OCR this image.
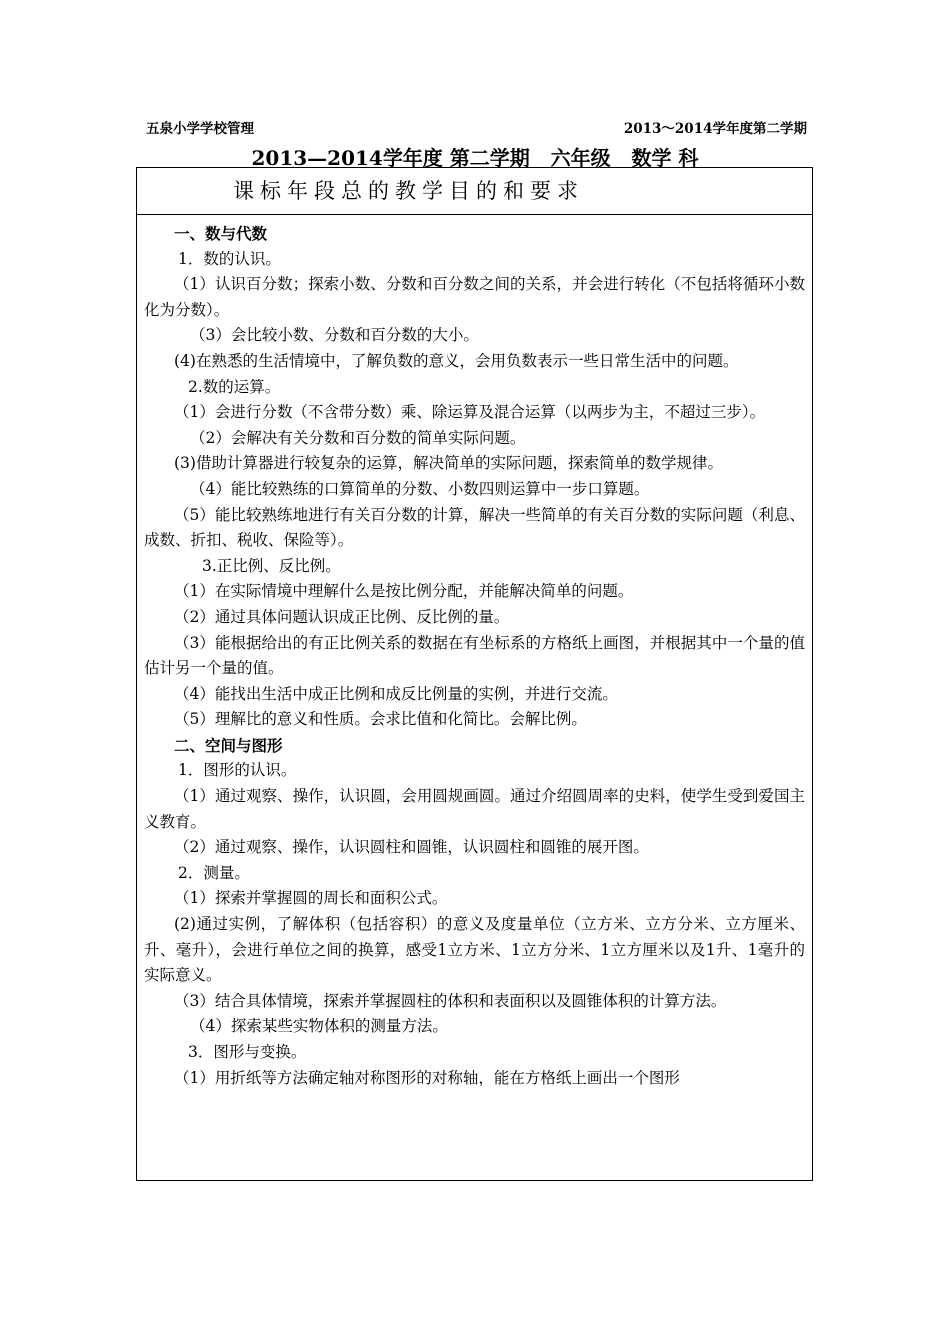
五泉小学学校管理	2013～2014学年度第二学期
2013—2014学年度 第二学期   六年级   数学 科
课标年段总的教学目的和要求

一、数与代数

1．数的认识。

（1）认识百分数；探索小数、分数和百分数之间的关系，并会进行转化（不包括将循环小数化为分数）。

（3）会比较小数、分数和百分数的大小。

(4)在熟悉的生活情境中，了解负数的意义，会用负数表示一些日常生活中的问题。

2.数的运算。

（1）会进行分数（不含带分数）乘、除运算及混合运算（以两步为主，不超过三步）。

（2）会解决有关分数和百分数的简单实际问题。

(3)借助计算器进行较复杂的运算，解决简单的实际问题，探索简单的数学规律。

（4）能比较熟练的口算简单的分数、小数四则运算中一步口算题。

（5）能比较熟练地进行有关百分数的计算，解决一些简单的有关百分数的实际问题（利息、成数、折扣、税收、保险等）。

3.正比例、反比例。

（1）在实际情境中理解什么是按比例分配，并能解决简单的问题。

（2）通过具体问题认识成正比例、反比例的量。

（3）能根据给出的有正比例关系的数据在有坐标系的方格纸上画图，并根据其中一个量的值估计另一个量的值。

（4）能找出生活中成正比例和成反比例量的实例，并进行交流。

（5）理解比的意义和性质。会求比值和化简比。会解比例。

二、空间与图形

1．图形的认识。

（1）通过观察、操作，认识圆，会用圆规画圆。通过介绍圆周率的史料，使学生受到爱国主义教育。

（2）通过观察、操作，认识圆柱和圆锥，认识圆柱和圆锥的展开图。

2．测量。

（1）探索并掌握圆的周长和面积公式。

(2)通过实例，了解体积（包括容积）的意义及度量单位（立方米、立方分米、立方厘米、升、毫升），会进行单位之间的换算，感受1立方米、1立方分米、1立方厘米以及1升、1毫升的实际意义。

（3）结合具体情境，探索并掌握圆柱的体积和表面积以及圆锥体积的计算方法。

（4）探索某些实物体积的测量方法。

3．图形与变换。

（1）用折纸等方法确定轴对称图形的对称轴，能在方格纸上画出一个图形
